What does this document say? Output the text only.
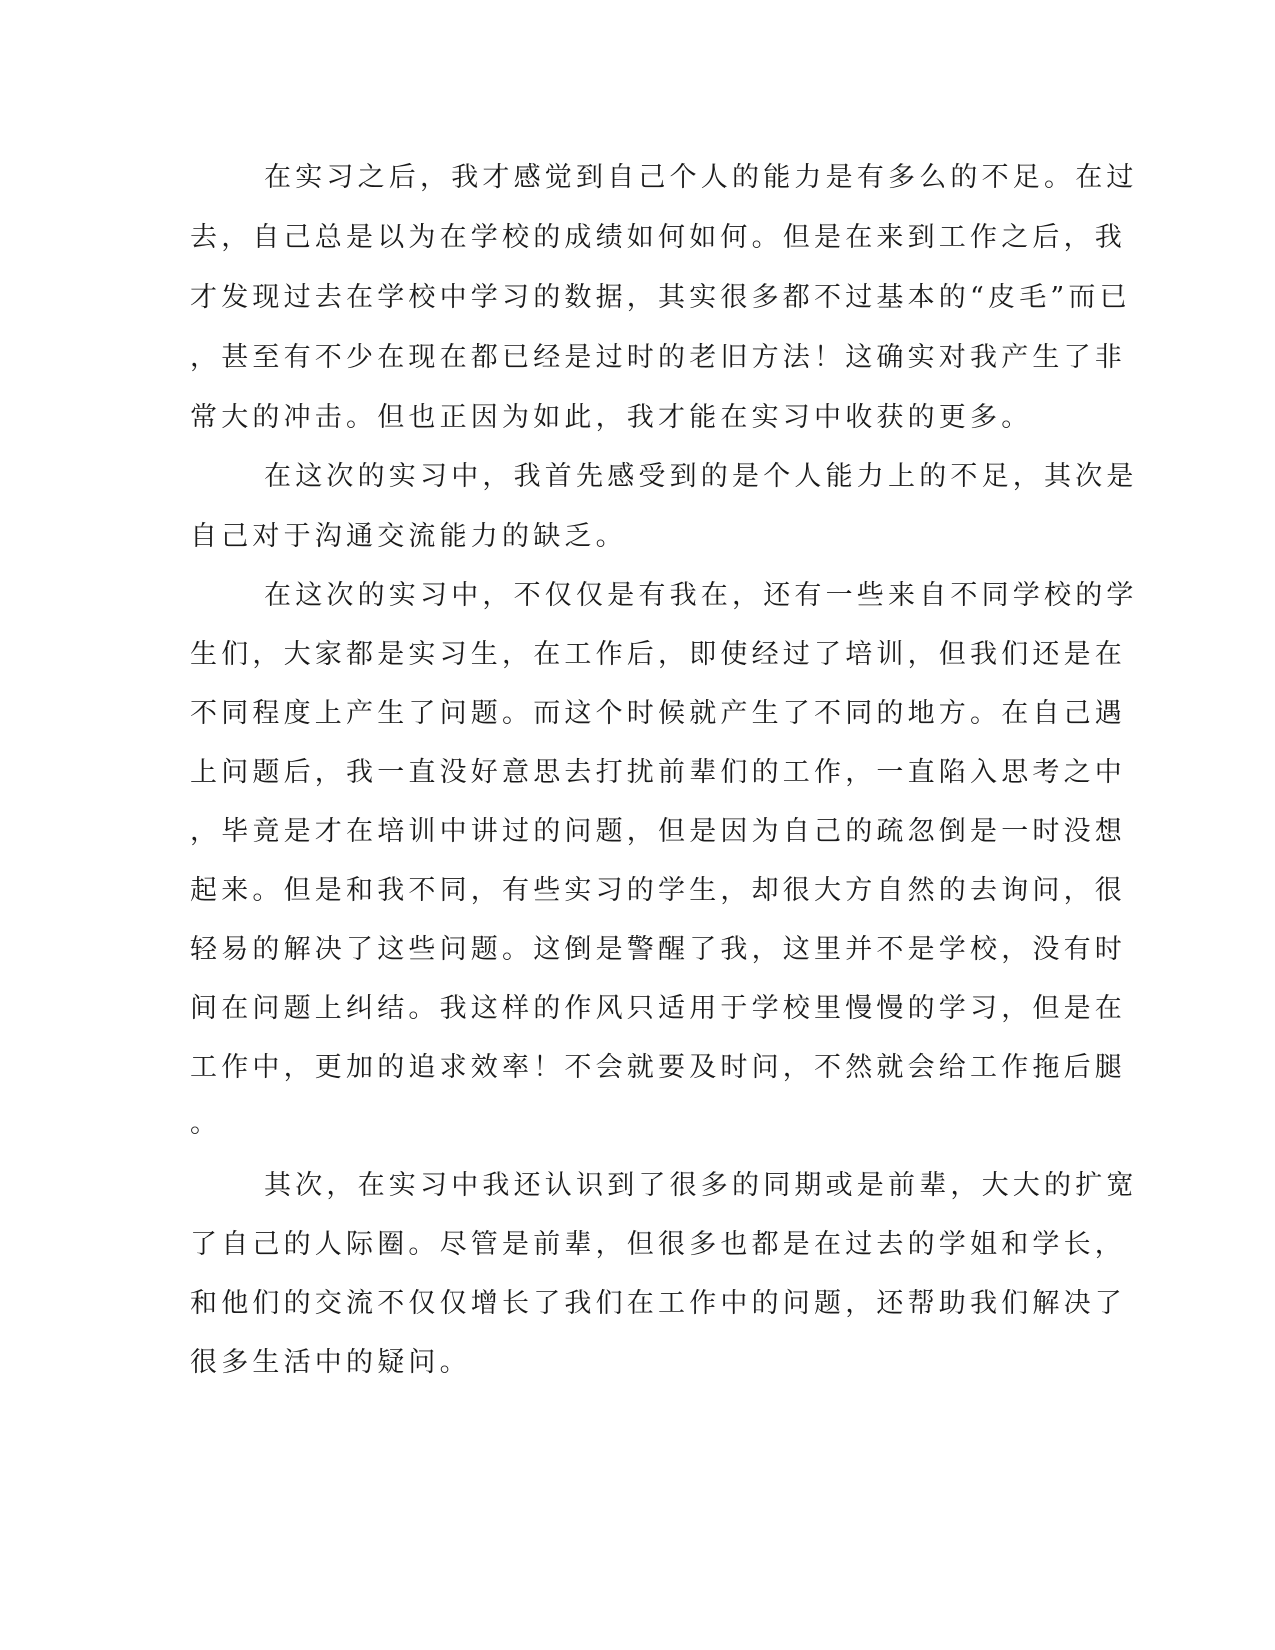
在实习之后，我才感觉到自己个人的能力是有多么的不足。在过
去，自己总是以为在学校的成绩如何如何。但是在来到工作之后，我
才发现过去在学校中学习的数据，其实很多都不过基本的“皮毛”而已
，甚至有不少在现在都已经是过时的老旧方法！这确实对我产生了非
常大的冲击。但也正因为如此，我才能在实习中收获的更多。
在这次的实习中，我首先感受到的是个人能力上的不足，其次是
自己对于沟通交流能力的缺乏。
在这次的实习中，不仅仅是有我在，还有一些来自不同学校的学
生们，大家都是实习生，在工作后，即使经过了培训，但我们还是在
不同程度上产生了问题。而这个时候就产生了不同的地方。在自己遇
上问题后，我一直没好意思去打扰前辈们的工作，一直陷入思考之中
，毕竟是才在培训中讲过的问题，但是因为自己的疏忽倒是一时没想
起来。但是和我不同，有些实习的学生，却很大方自然的去询问，很
轻易的解决了这些问题。这倒是警醒了我，这里并不是学校，没有时
间在问题上纠结。我这样的作风只适用于学校里慢慢的学习，但是在
工作中，更加的追求效率！不会就要及时问，不然就会给工作拖后腿
。
其次，在实习中我还认识到了很多的同期或是前辈，大大的扩宽
了自己的人际圈。尽管是前辈，但很多也都是在过去的学姐和学长，
和他们的交流不仅仅增长了我们在工作中的问题，还帮助我们解决了
很多生活中的疑问。
